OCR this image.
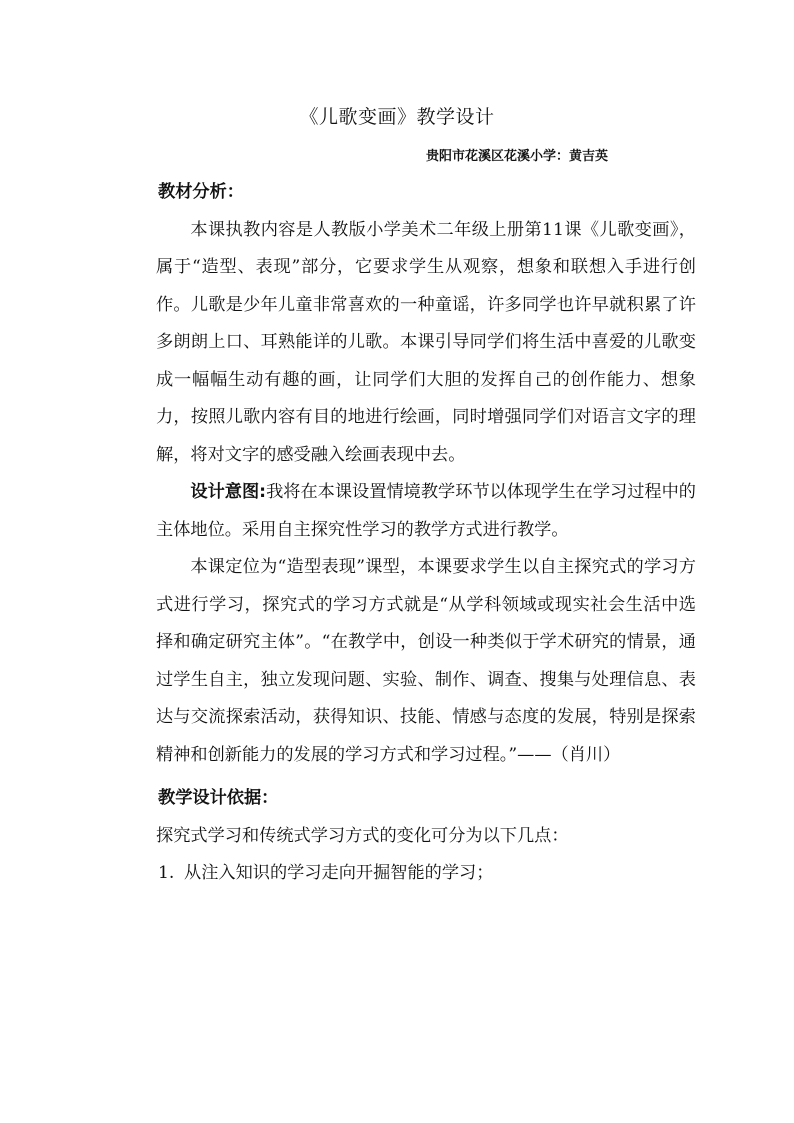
《儿歌变画》教学设计

贵阳市花溪区花溪小学：黄吉英

教材分析：

本课执教内容是人教版小学美术二年级上册第11课《儿歌变画》，属于“造型、表现”部分，它要求学生从观察，想象和联想入手进行创作。儿歌是少年儿童非常喜欢的一种童谣，许多同学也许早就积累了许多朗朗上口、耳熟能详的儿歌。本课引导同学们将生活中喜爱的儿歌变成一幅幅生动有趣的画，让同学们大胆的发挥自己的创作能力、想象力，按照儿歌内容有目的地进行绘画，同时增强同学们对语言文字的理解，将对文字的感受融入绘画表现中去。

设计意图:我将在本课设置情境教学环节以体现学生在学习过程中的主体地位。采用自主探究性学习的教学方式进行教学。

本课定位为“造型表现”课型，本课要求学生以自主探究式的学习方式进行学习，探究式的学习方式就是“从学科领域或现实社会生活中选择和确定研究主体”。“在教学中，创设一种类似于学术研究的情景，通过学生自主，独立发现问题、实验、制作、调查、搜集与处理信息、表达与交流探索活动，获得知识、技能、情感与态度的发展，特别是探索精神和创新能力的发展的学习方式和学习过程。”——（肖川）

教学设计依据：

探究式学习和传统式学习方式的变化可分为以下几点：

1. 从注入知识的学习走向开掘智能的学习；
